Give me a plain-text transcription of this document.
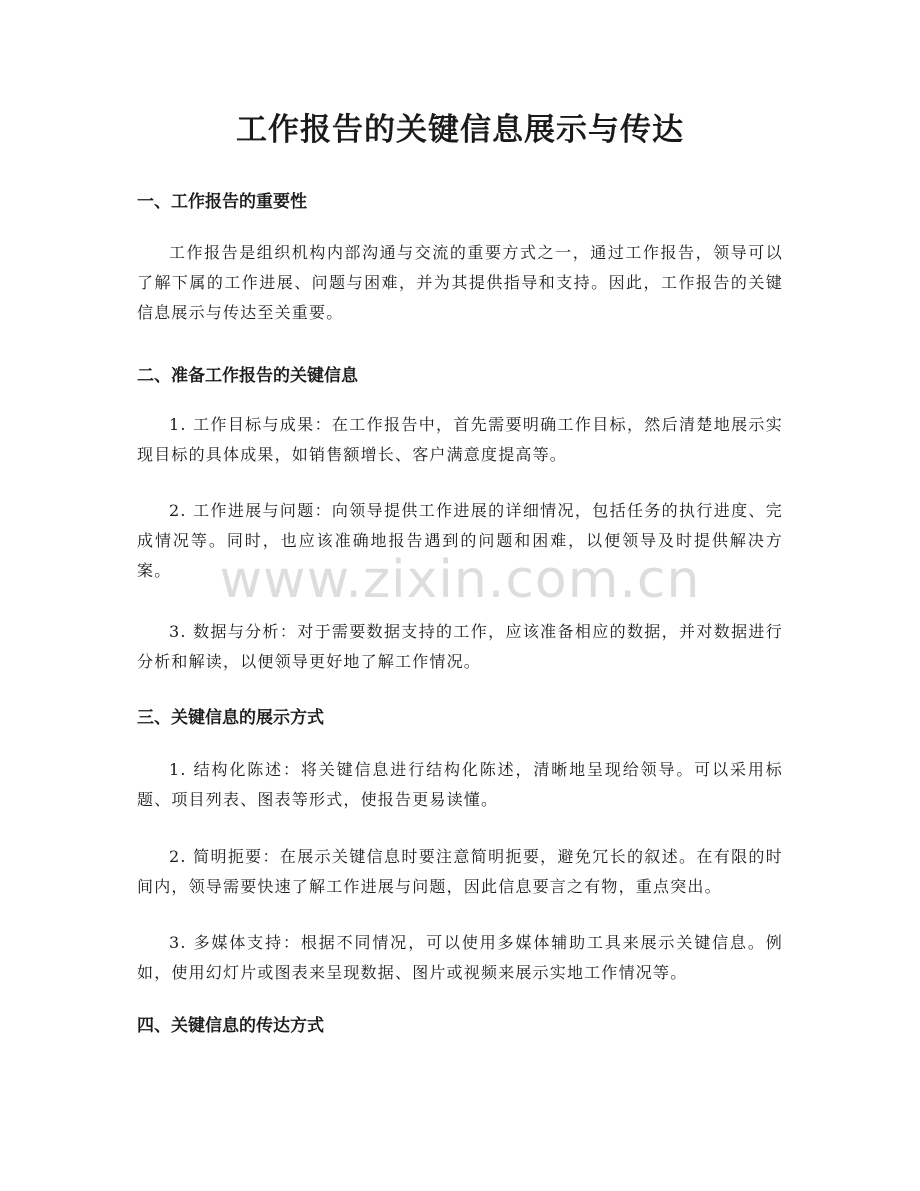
工作报告的关键信息展示与传达
一、工作报告的重要性

工作报告是组织机构内部沟通与交流的重要方式之一，通过工作报告，领导可以了解下属的工作进展、问题与困难，并为其提供指导和支持。因此，工作报告的关键信息展示与传达至关重要。

二、准备工作报告的关键信息

1. 工作目标与成果：在工作报告中，首先需要明确工作目标，然后清楚地展示实现目标的具体成果，如销售额增长、客户满意度提高等。

2. 工作进展与问题：向领导提供工作进展的详细情况，包括任务的执行进度、完成情况等。同时，也应该准确地报告遇到的问题和困难，以便领导及时提供解决方案。

3. 数据与分析：对于需要数据支持的工作，应该准备相应的数据，并对数据进行分析和解读，以便领导更好地了解工作情况。

三、关键信息的展示方式

1. 结构化陈述：将关键信息进行结构化陈述，清晰地呈现给领导。可以采用标题、项目列表、图表等形式，使报告更易读懂。

2. 简明扼要：在展示关键信息时要注意简明扼要，避免冗长的叙述。在有限的时间内，领导需要快速了解工作进展与问题，因此信息要言之有物，重点突出。

3. 多媒体支持：根据不同情况，可以使用多媒体辅助工具来展示关键信息。例如，使用幻灯片或图表来呈现数据、图片或视频来展示实地工作情况等。

四、关键信息的传达方式
www.zixin.com.cn
